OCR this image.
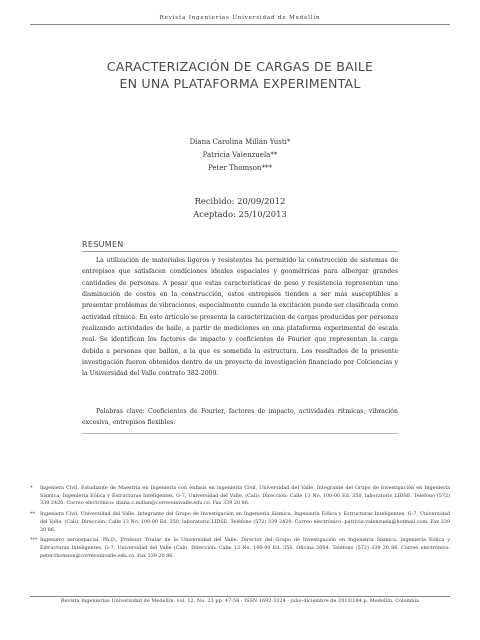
Revista Ingenierías Universidad de Medellín
CARACTERIZACIÓN DE CARGAS DE BAILE
EN UNA PLATAFORMA EXPERIMENTAL
Diana Carolina Millán Yusti*
Patricia Valenzuela**
Peter Thomson***
Recibido: 20/09/2012
Aceptado: 25/10/2013
RESUMEN

La utilización de materiales ligeros y resistentes ha permitido la construcción de sistemas de entrepisos que satisfacen condiciones ideales espaciales y geométricas para albergar grandes cantidades de personas. A pesar que estas características de peso y resistencia representan una disminución de costos en la construcción, estos entrepisos tienden a ser más susceptibles a presentar problemas de vibraciones, especialmente cuando la excitación puede ser clasificada como actividad rítmica. En este artículo se presenta la caracterización de cargas producidas por personas realizando actividades de baile, a partir de mediciones en una plataforma experimental de escala real. Se identifican los factores de impacto y coeficientes de Fourier que representan la carga debida a personas que bailan, a la que es sometida la estructura. Los resultados de la presente investigación fueron obtenidos dentro de un proyecto de investigación financiado por Colciencias y la Universidad del Valle contrato 382-2009.

Palabras clave: Coeficientes de Fourier, factores de impacto, actividades rítmicas, vibración excesiva, entrepisos flexibles.

*	Ingeniera Civil. Estudiante de Maestría en Ingeniería con énfasis en ingeniería Civil, Universidad del Valle. Integrante del Grupo de Investigación en Ingeniería Sísmica, Ingeniería Eólica y Estructuras Inteligentes, G-7, Universidad del Valle, (Cali). Dirección: Calle 13 No. 100-00 Ed. 350, laboratorio LIDSE. Teléfono (572) 339 2420. Correo electrónico: diana.c.millan@correounivalle.edu.co. Fax 339 20 86.
**	Ingeniera Civil, Universidad del Valle. Integrante del Grupo de Investigación en Ingeniería Sísmica, Ingeniería Eólica y Estructuras Inteligentes, G-7, Universidad del Valle, (Cali). Dirección: Calle 13 No. 100-00 Ed. 350, laboratorio LIDSE. Teléfono (572) 339 2420. Correo electrónico: patricia.valenzuela@hotmail.com. Fax 339 20 86.
*** Ingeniero aeroespacial, Ph.D., Profesor Titular de la Universidad del Valle. Director del Grupo de Investigación en Ingeniería Sísmica, Ingeniería Eólica y Estructuras Inteligentes, G-7, Universidad del Valle (Cali). Dirección: Calle 13 No. 100-00 Ed. 350, Oficina 2004. Teléfono (572) 339 20 86. Correo electrónico: peter.thomson@correounivalle.edu.co. Fax 339 20 86.
Revista Ingenierías Universidad de Medellín, vol. 12, No. 23 pp. 47-58 · ISSN 1692-3324 · julio-diciembre de 2013/184 p. Medellín, Colombia
